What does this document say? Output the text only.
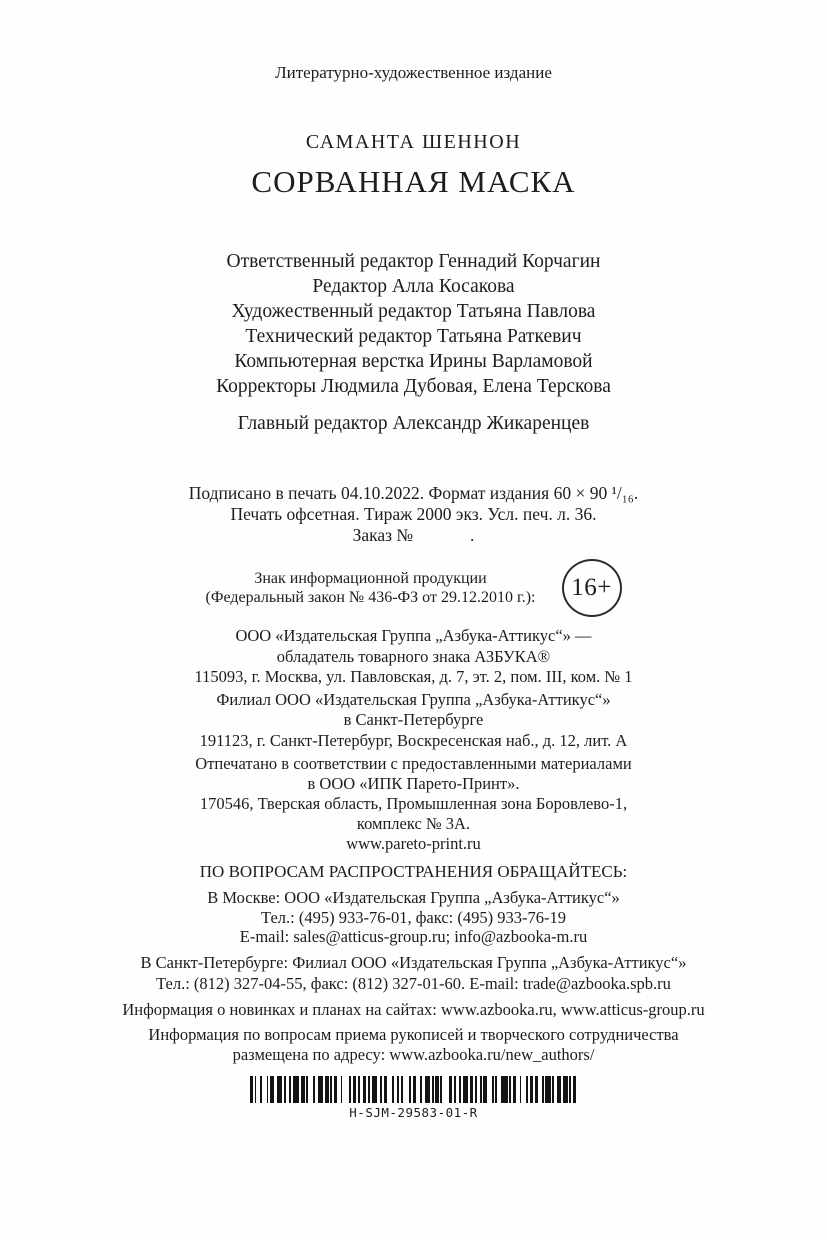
Литературно-художественное издание
САМАНТА ШЕННОН
СОРВАННАЯ МАСКА
Ответственный редактор Геннадий Корчагин
Редактор Алла Косакова
Художественный редактор Татьяна Павлова
Технический редактор Татьяна Раткевич
Компьютерная верстка Ирины Варламовой
Корректоры Людмила Дубовая, Елена Терскова
Главный редактор Александр Жикаренцев
Подписано в печать 04.10.2022. Формат издания 60 × 90 ¹/₁₆.
Печать офсетная. Тираж 2000 экз. Усл. печ. л. 36.
Заказ №             .
Знак информационной продукции
(Федеральный закон № 436-ФЗ от 29.12.2010 г.):	16+
ООО «Издательская Группа „Азбука-Аттикус“» —
обладатель товарного знака АЗБУКА®
115093, г. Москва, ул. Павловская, д. 7, эт. 2, пом. III, ком. № 1
Филиал ООО «Издательская Группа „Азбука-Аттикус“»
в Санкт-Петербурге
191123, г. Санкт-Петербург, Воскресенская наб., д. 12, лит. А
Отпечатано в соответствии с предоставленными материалами
в ООО «ИПК Парето-Принт».
170546, Тверская область, Промышленная зона Боровлево-1,
комплекс № 3А.
www.pareto-print.ru
ПО ВОПРОСАМ РАСПРОСТРАНЕНИЯ ОБРАЩАЙТЕСЬ:
В Москве: ООО «Издательская Группа „Азбука-Аттикус“»
Тел.: (495) 933-76-01, факс: (495) 933-76-19
E-mail: sales@atticus-group.ru; info@azbooka-m.ru
В Санкт-Петербурге: Филиал ООО «Издательская Группа „Азбука-Аттикус“»
Тел.: (812) 327-04-55, факс: (812) 327-01-60. E-mail: trade@azbooka.spb.ru
Информация о новинках и планах на сайтах: www.azbooka.ru, www.atticus-group.ru
Информация по вопросам приема рукописей и творческого сотрудничества
размещена по адресу: www.azbooka.ru/new_authors/
H-SJM-29583-01-R
